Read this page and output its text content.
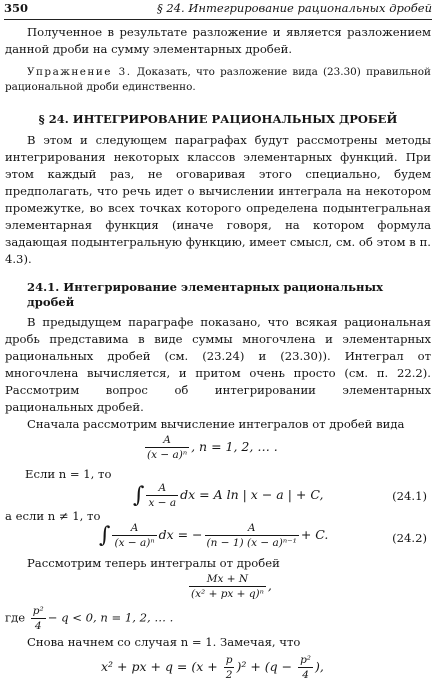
350	§ 24. Интегрирование рациональных дробей

Полученное в результате разложение и является разложением данной дроби на сумму элементарных дробей.

Упражнение 3. Доказать, что разложение вида (23.30) правильной рациональной дроби единственно.

§ 24. ИНТЕГРИРОВАНИЕ РАЦИОНАЛЬНЫХ ДРОБЕЙ

В этом и следующем параграфах будут рассмотрены методы интегрирования некоторых классов элементарных функций. При этом каждый раз, не оговаривая этого специально, будем предполагать, что речь идет о вычислении интеграла на некотором промежутке, во всех точках которого определена подынтегральная элементарная функция (иначе говоря, на котором формула задающая подынтегральную функцию, имеет смысл, см. об этом в п. 4.3).

24.1. Интегрирование элементарных рациональных дробей

В предыдущем параграфе показано, что всякая рациональная дробь представима в виде суммы многочлена и элементарных рациональных дробей (см. (23.24) и (23.30)). Интеграл от многочлена вычисляется, и притом очень просто (см. п. 22.2). Рассмотрим вопрос об интегрировании элементарных рациональных дробей.

Сначала рассмотрим вычисление интегралов от дробей вида

$\frac{A}{\text{(x − a)ⁿ}}$ , n = 1, 2, … .
Если n = 1, то
∫ $\frac{A}{x - a}$ dx = A ln | x − a | + C,	(24.1)
а если n ≠ 1, то
∫ $\frac{A}{\text{(x − a)ⁿ}}$ dx = − $\frac{A}{\text{(n − 1) (x − a)ⁿ⁻¹}} + C$.	(24.2)

Рассмотрим теперь интегралы от дробей

$\frac{Mx + N}{\text{(x² + px + q)ⁿ}}$ ,
где $\frac{\text{p²}}{4} - q < 0$, n = 1, 2, … .

Снова начнем со случая n = 1. Замечая, что

x² + px + $q = (x + \frac{p}{2} )^2 + (q - \frac{\text{p²}}{4}$ ),
